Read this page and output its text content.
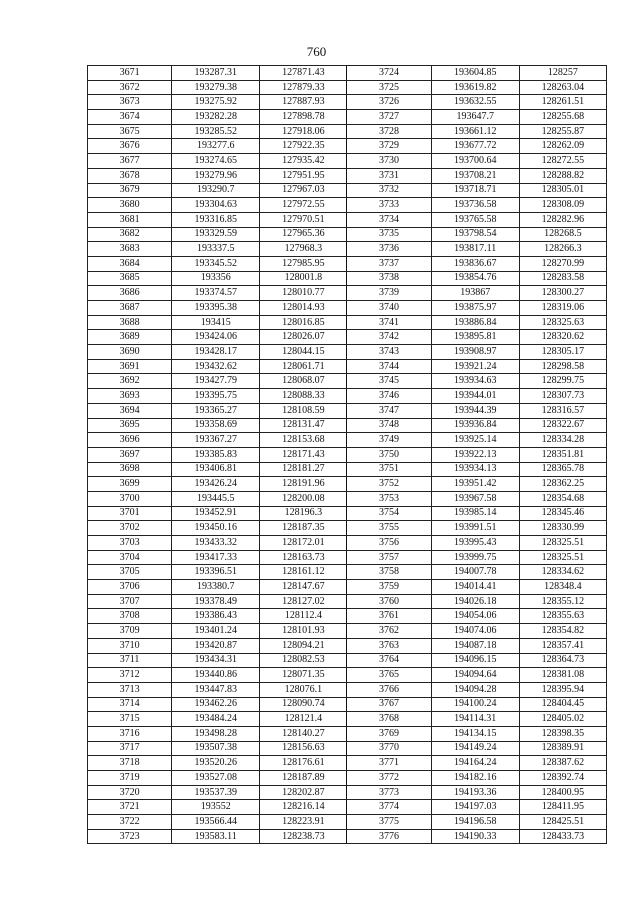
760
3671	193287.31	127871.43	3724	193604.85	128257
3672	193279.38	127879.33	3725	193619.82	128263.04
3673	193275.92	127887.93	3726	193632.55	128261.51
3674	193282.28	127898.78	3727	193647.7	128255.68
3675	193285.52	127918.06	3728	193661.12	128255.87
3676	193277.6	127922.35	3729	193677.72	128262.09
3677	193274.65	127935.42	3730	193700.64	128272.55
3678	193279.96	127951.95	3731	193708.21	128288.82
3679	193290.7	127967.03	3732	193718.71	128305.01
3680	193304.63	127972.55	3733	193736.58	128308.09
3681	193316.85	127970.51	3734	193765.58	128282.96
3682	193329.59	127965.36	3735	193798.54	128268.5
3683	193337.5	127968.3	3736	193817.11	128266.3
3684	193345.52	127985.95	3737	193836.67	128270.99
3685	193356	128001.8	3738	193854.76	128283.58
3686	193374.57	128010.77	3739	193867	128300.27
3687	193395.38	128014.93	3740	193875.97	128319.06
3688	193415	128016.85	3741	193886.84	128325.63
3689	193424.06	128026.07	3742	193895.81	128320.62
3690	193428.17	128044.15	3743	193908.97	128305.17
3691	193432.62	128061.71	3744	193921.24	128298.58
3692	193427.79	128068.07	3745	193934.63	128299.75
3693	193395.75	128088.33	3746	193944.01	128307.73
3694	193365.27	128108.59	3747	193944.39	128316.57
3695	193358.69	128131.47	3748	193936.84	128322.67
3696	193367.27	128153.68	3749	193925.14	128334.28
3697	193385.83	128171.43	3750	193922.13	128351.81
3698	193406.81	128181.27	3751	193934.13	128365.78
3699	193426.24	128191.96	3752	193951.42	128362.25
3700	193445.5	128200.08	3753	193967.58	128354.68
3701	193452.91	128196.3	3754	193985.14	128345.46
3702	193450.16	128187.35	3755	193991.51	128330.99
3703	193433.32	128172.01	3756	193995.43	128325.51
3704	193417.33	128163.73	3757	193999.75	128325.51
3705	193396.51	128161.12	3758	194007.78	128334.62
3706	193380.7	128147.67	3759	194014.41	128348.4
3707	193378.49	128127.02	3760	194026.18	128355.12
3708	193386.43	128112.4	3761	194054.06	128355.63
3709	193401.24	128101.93	3762	194074.06	128354.82
3710	193420.87	128094.21	3763	194087.18	128357.41
3711	193434.31	128082.53	3764	194096.15	128364.73
3712	193440.86	128071.35	3765	194094.64	128381.08
3713	193447.83	128076.1	3766	194094.28	128395.94
3714	193462.26	128090.74	3767	194100.24	128404.45
3715	193484.24	128121.4	3768	194114.31	128405.02
3716	193498.28	128140.27	3769	194134.15	128398.35
3717	193507.38	128156.63	3770	194149.24	128389.91
3718	193520.26	128176.61	3771	194164.24	128387.62
3719	193527.08	128187.89	3772	194182.16	128392.74
3720	193537.39	128202.87	3773	194193.36	128400.95
3721	193552	128216.14	3774	194197.03	128411.95
3722	193566.44	128223.91	3775	194196.58	128425.51
3723	193583.11	128238.73	3776	194190.33	128433.73
